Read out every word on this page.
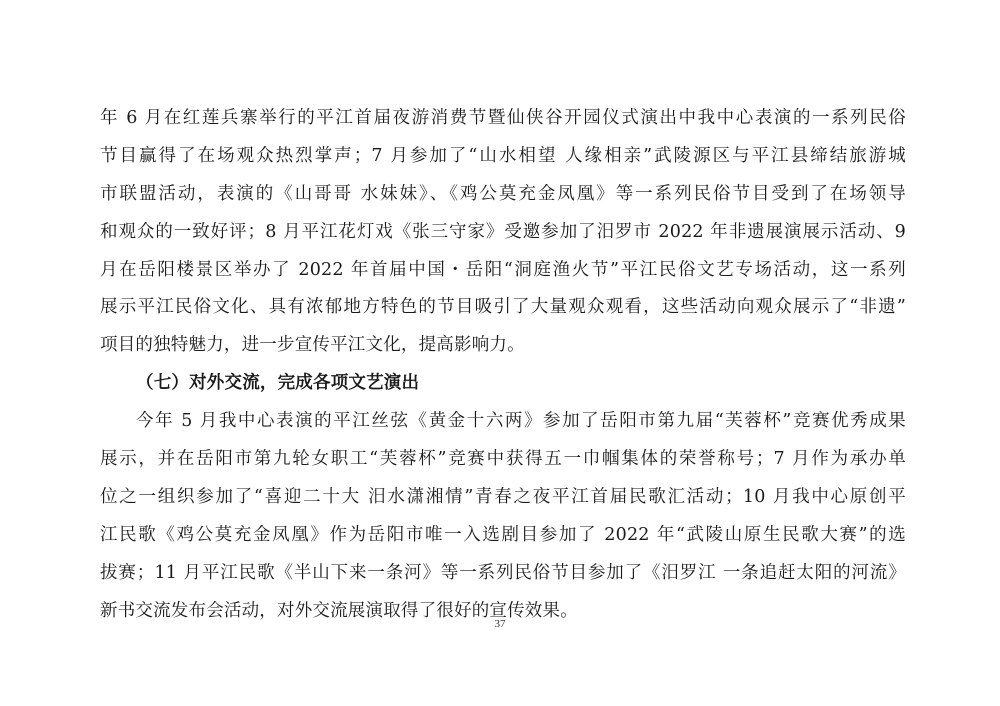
年 6 月在红莲兵寨举行的平江首届夜游消费节暨仙侠谷开园仪式演出中我中心表演的一系列民俗
节目赢得了在场观众热烈掌声；7 月参加了“山水相望 人缘相亲”武陵源区与平江县缔结旅游城
市联盟活动，表演的《山哥哥 水妹妹》、《鸡公莫充金凤凰》等一系列民俗节目受到了在场领导
和观众的一致好评；8 月平江花灯戏《张三守家》受邀参加了汨罗市 2022 年非遗展演展示活动、9
月在岳阳楼景区举办了 2022 年首届中国・岳阳“洞庭渔火节”平江民俗文艺专场活动，这一系列
展示平江民俗文化、具有浓郁地方特色的节目吸引了大量观众观看，这些活动向观众展示了“非遗”
项目的独特魅力，进一步宣传平江文化，提高影响力。
（七）对外交流，完成各项文艺演出
今年 5 月我中心表演的平江丝弦《黄金十六两》参加了岳阳市第九届“芙蓉杯”竞赛优秀成果
展示，并在岳阳市第九轮女职工“芙蓉杯”竞赛中获得五一巾帼集体的荣誉称号；7 月作为承办单
位之一组织参加了“喜迎二十大 汨水潇湘情”青春之夜平江首届民歌汇活动；10 月我中心原创平
江民歌《鸡公莫充金凤凰》作为岳阳市唯一入选剧目参加了 2022 年“武陵山原生民歌大赛”的选
拔赛；11 月平江民歌《半山下来一条河》等一系列民俗节目参加了《汨罗江 一条追赶太阳的河流》
新书交流发布会活动，对外交流展演取得了很好的宣传效果。
37
